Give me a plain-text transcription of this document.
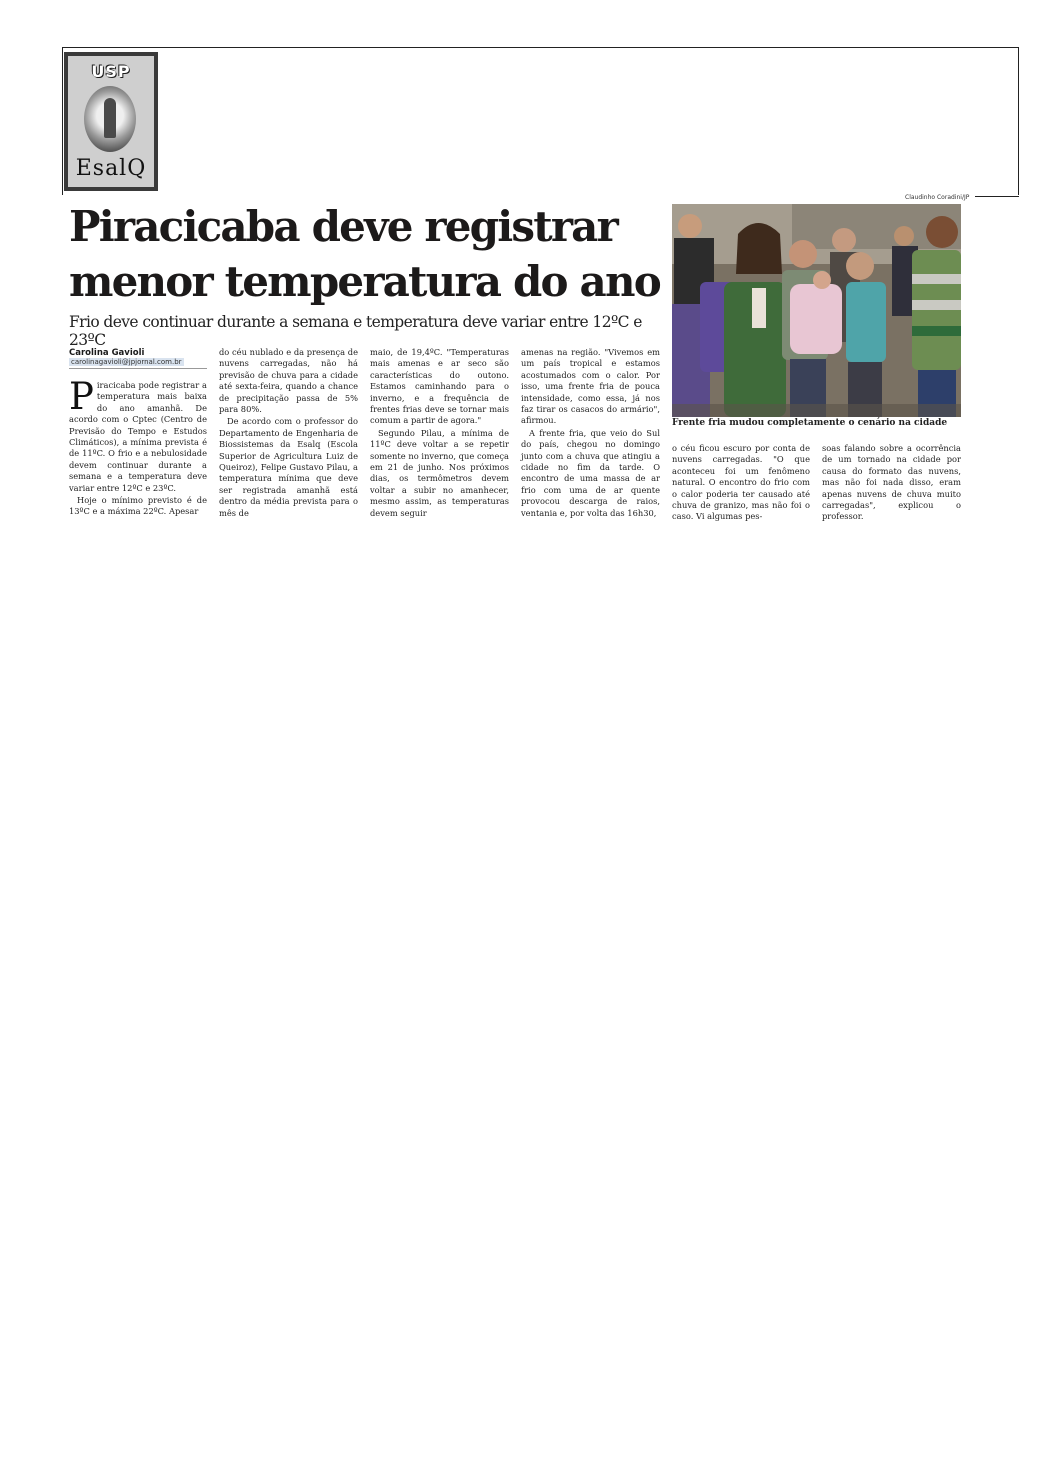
USP
EsalQ
Claudinho Coradini/JP
Piracicaba deve registrar menor temperatura do ano

Frio deve continuar durante a semana e temperatura deve variar entre 12ºC e 23ºC

Carolina Gavioli
carolinagavioli@jpjornal.com.br

Piracicaba pode registrar a temperatura mais baixa do ano amanhã. De acordo com o Cptec (Centro de Previsão do Tempo e Estudos Climáticos), a mínima prevista é de 11ºC. O frio e a nebulosidade devem continuar durante a semana e a temperatura deve variar entre 12ºC e 23ºC.

Hoje o mínimo previsto é de 13ºC e a máxima 22ºC. Apesar

do céu nublado e da presença de nuvens carregadas, não há previsão de chuva para a cidade até sexta-feira, quando a chance de precipitação passa de 5% para 80%.

De acordo com o professor do Departamento de Engenharia de Biossistemas da Esalq (Escola Superior de Agricultura Luiz de Queiroz), Felipe Gustavo Pilau, a temperatura mínima que deve ser registrada amanhã está dentro da média prevista para o mês de

maio, de 19,4ºC. "Temperaturas mais amenas e ar seco são características do outono. Estamos caminhando para o inverno, e a frequência de frentes frias deve se tornar mais comum a partir de agora."

Segundo Pilau, a mínima de 11ºC deve voltar a se repetir somente no inverno, que começa em 21 de junho. Nos próximos dias, os termômetros devem voltar a subir no amanhecer, mesmo assim, as temperaturas devem seguir

amenas na região. "Vivemos em um país tropical e estamos acostumados com o calor. Por isso, uma frente fria de pouca intensidade, como essa, já nos faz tirar os casacos do armário", afirmou.

A frente fria, que veio do Sul do país, chegou no domingo junto com a chuva que atingiu a cidade no fim da tarde. O encontro de uma massa de ar frio com uma de ar quente provocou descarga de raios, ventania e, por volta das 16h30,

o céu ficou escuro por conta de nuvens carregadas. "O que aconteceu foi um fenômeno natural. O encontro do frio com o calor poderia ter causado até chuva de granizo, mas não foi o caso. Vi algumas pes-

soas falando sobre a ocorrência de um tornado na cidade por causa do formato das nuvens, mas não foi nada disso, eram apenas nuvens de chuva muito carregadas", explicou o professor.

Frente fria mudou completamente o cenário na cidade
